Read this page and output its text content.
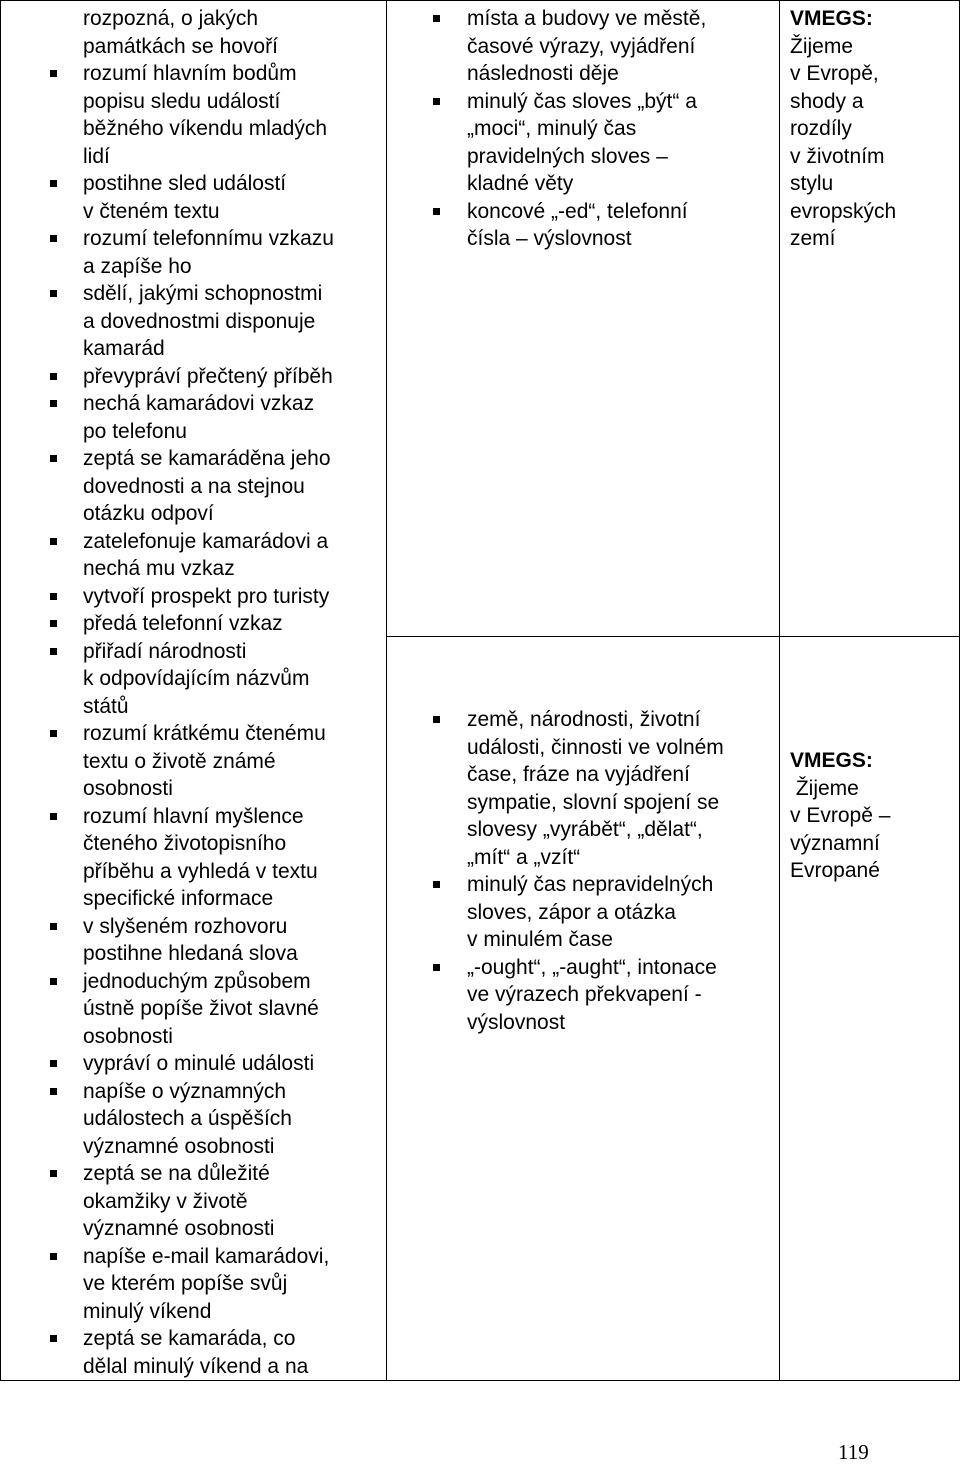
rozpozná, o jakých
památkách se hovoří
rozumí hlavním bodům
popisu sledu událostí
běžného víkendu mladých
lidí
postihne sled událostí
v čteném textu
rozumí telefonnímu vzkazu
a zapíše ho
sdělí, jakými schopnostmi
a dovednostmi disponuje
kamarád
převypráví přečtený příběh
nechá kamarádovi vzkaz
po telefonu
zeptá se kamaráděna jeho
dovednosti a na stejnou
otázku odpoví
zatelefonuje kamarádovi a
nechá mu vzkaz
vytvoří prospekt pro turisty
předá telefonní vzkaz
přiřadí národnosti
k odpovídajícím názvům
států
rozumí krátkému čtenému
textu o životě známé
osobnosti
rozumí hlavní myšlence
čteného životopisního
příběhu a vyhledá v textu
specifické informace
v slyšeném rozhovoru
postihne hledaná slova
jednoduchým způsobem
ústně popíše život slavné
osobnosti
vypráví o minulé události
napíše o významných
událostech a úspěších
významné osobnosti
zeptá se na důležité
okamžiky v životě
významné osobnosti
napíše e-mail kamarádovi,
ve kterém popíše svůj
minulý víkend
zeptá se kamaráda, co
dělal minulý víkend a na
místa a budovy ve městě,
časové výrazy, vyjádření
následnosti děje
minulý čas sloves „být“ a
„moci“, minulý čas
pravidelných sloves –
kladné věty
koncové „-ed“, telefonní
čísla – výslovnost
země, národnosti, životní
události, činnosti ve volném
čase, fráze na vyjádření
sympatie, slovní spojení se
slovesy „vyrábět“, „dělat“,
„mít“ a „vzít“
minulý čas nepravidelných
sloves, zápor a otázka
v minulém čase
„-ought“, „-aught“, intonace
ve výrazech překvapení -
výslovnost
VMEGS:
Žijeme
v Evropě,
shody a
rozdíly
v životním
stylu
evropských
zemí
VMEGS:
Žijeme
v Evropě –
významní
Evropané
119
